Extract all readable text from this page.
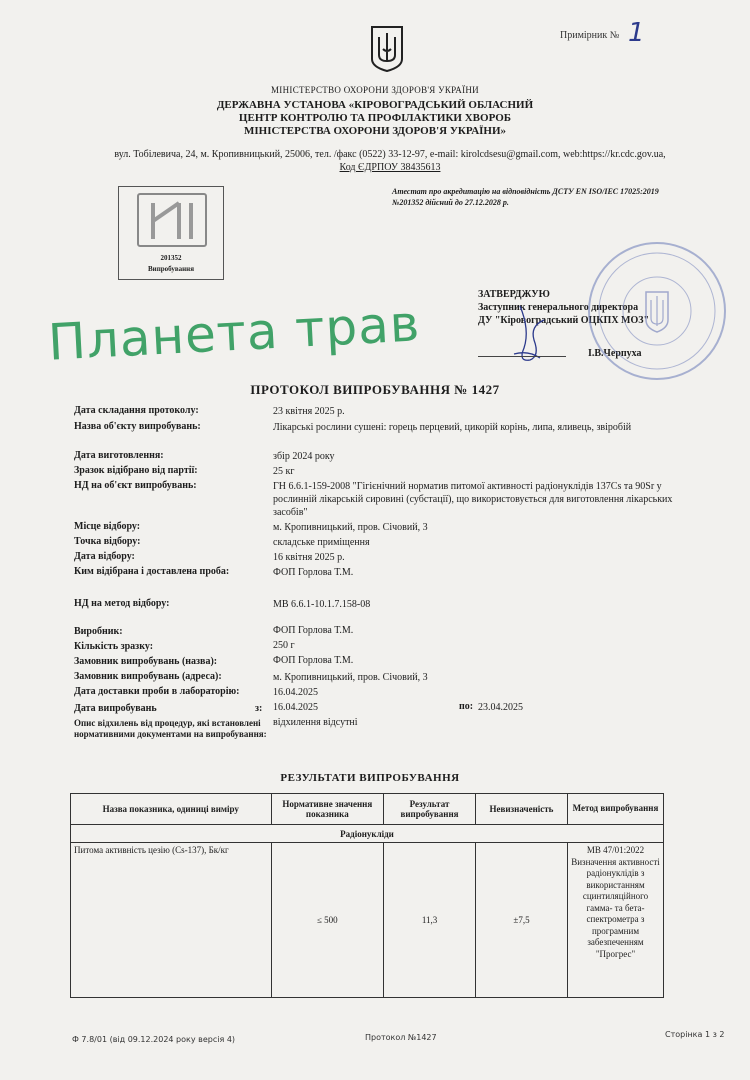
Примірник № 1
МІНІСТЕРСТВО ОХОРОНИ ЗДОРОВ'Я УКРАЇНИ
ДЕРЖАВНА УСТАНОВА «КІРОВОГРАДСЬКИЙ ОБЛАСНИЙ
ЦЕНТР КОНТРОЛЮ ТА ПРОФІЛАКТИКИ ХВОРОБ
МІНІСТЕРСТВА ОХОРОНИ ЗДОРОВ'Я УКРАЇНИ»
вул. Тобілевича, 24, м. Кропивницький, 25006, тел. /факс (0522) 33-12-97, e-mail: kirolcdsesu@gmail.com, web:https://kr.cdc.gov.ua,
Код ЄДРПОУ 38435613
Атестат про акредитацію на відповідність ДСТУ EN ISO/IEC 17025:2019
№201352 дійсний до 27.12.2028 р.
201352
Випробування
Планета трав	ЗАТВЕРДЖУЮ
Заступник генерального директора
ДУ "Кіровоградський ОЦКПХ МОЗ"
І.В.Черпуха
ПРОТОКОЛ ВИПРОБУВАННЯ № 1427
Дата складання протоколу:	23 квітня 2025 р.
Назва об'єкту випробувань:	Лікарські рослини сушені: горець перцевий, цикорій корінь, липа, яливець, звіробій
Дата виготовлення:	збір 2024 року
Зразок відібрано від партії:	25 кг
НД на об'єкт випробувань:	ГН 6.6.1-159-2008 "Гігієнічний норматив питомої активності радіонуклідів 137Cs та 90Sr у рослинній лікарській сировині (субстації), що використовується для виготовлення лікарських засобів"
Місце відбору:	м. Кропивницький, пров. Січовий, 3
Точка відбору:	складське приміщення
Дата відбору:	16 квітня 2025 р.
Ким відібрана і доставлена проба:	ФОП Горлова Т.М.
НД на метод відбору:	МВ 6.6.1-10.1.7.158-08
Виробник:	ФОП Горлова Т.М.
Кількість зразку:	250 г
Замовник випробувань (назва):	ФОП Горлова Т.М.
Замовник випробувань (адреса):	м. Кропивницький, пров. Січовий, 3
Дата доставки проби в лабораторію:	16.04.2025
Дата випробувань	з: 16.04.2025	по: 23.04.2025
Опис відхилень від процедур, які встановлені нормативними документами на випробування:
відхилення відсутні
РЕЗУЛЬТАТИ ВИПРОБУВАННЯ
Назва показника, одиниці виміру	Нормативне значення показника	Результат випробування	Невизначеність	Метод випробування
Радіонукліди				
Питома активність цезію (Cs-137), Бк/кг	≤ 500	11,3	±7,5	МВ 47/01:2022
Визначення активності радіонуклідів з використанням сцинтиляційного гамма- та бета-спектрометра з програмним забезпеченням "Прогрес"
Ф 7.8/01 (від 09.12.2024 року версія 4)	Протокол №1427	Сторінка 1 з 2
